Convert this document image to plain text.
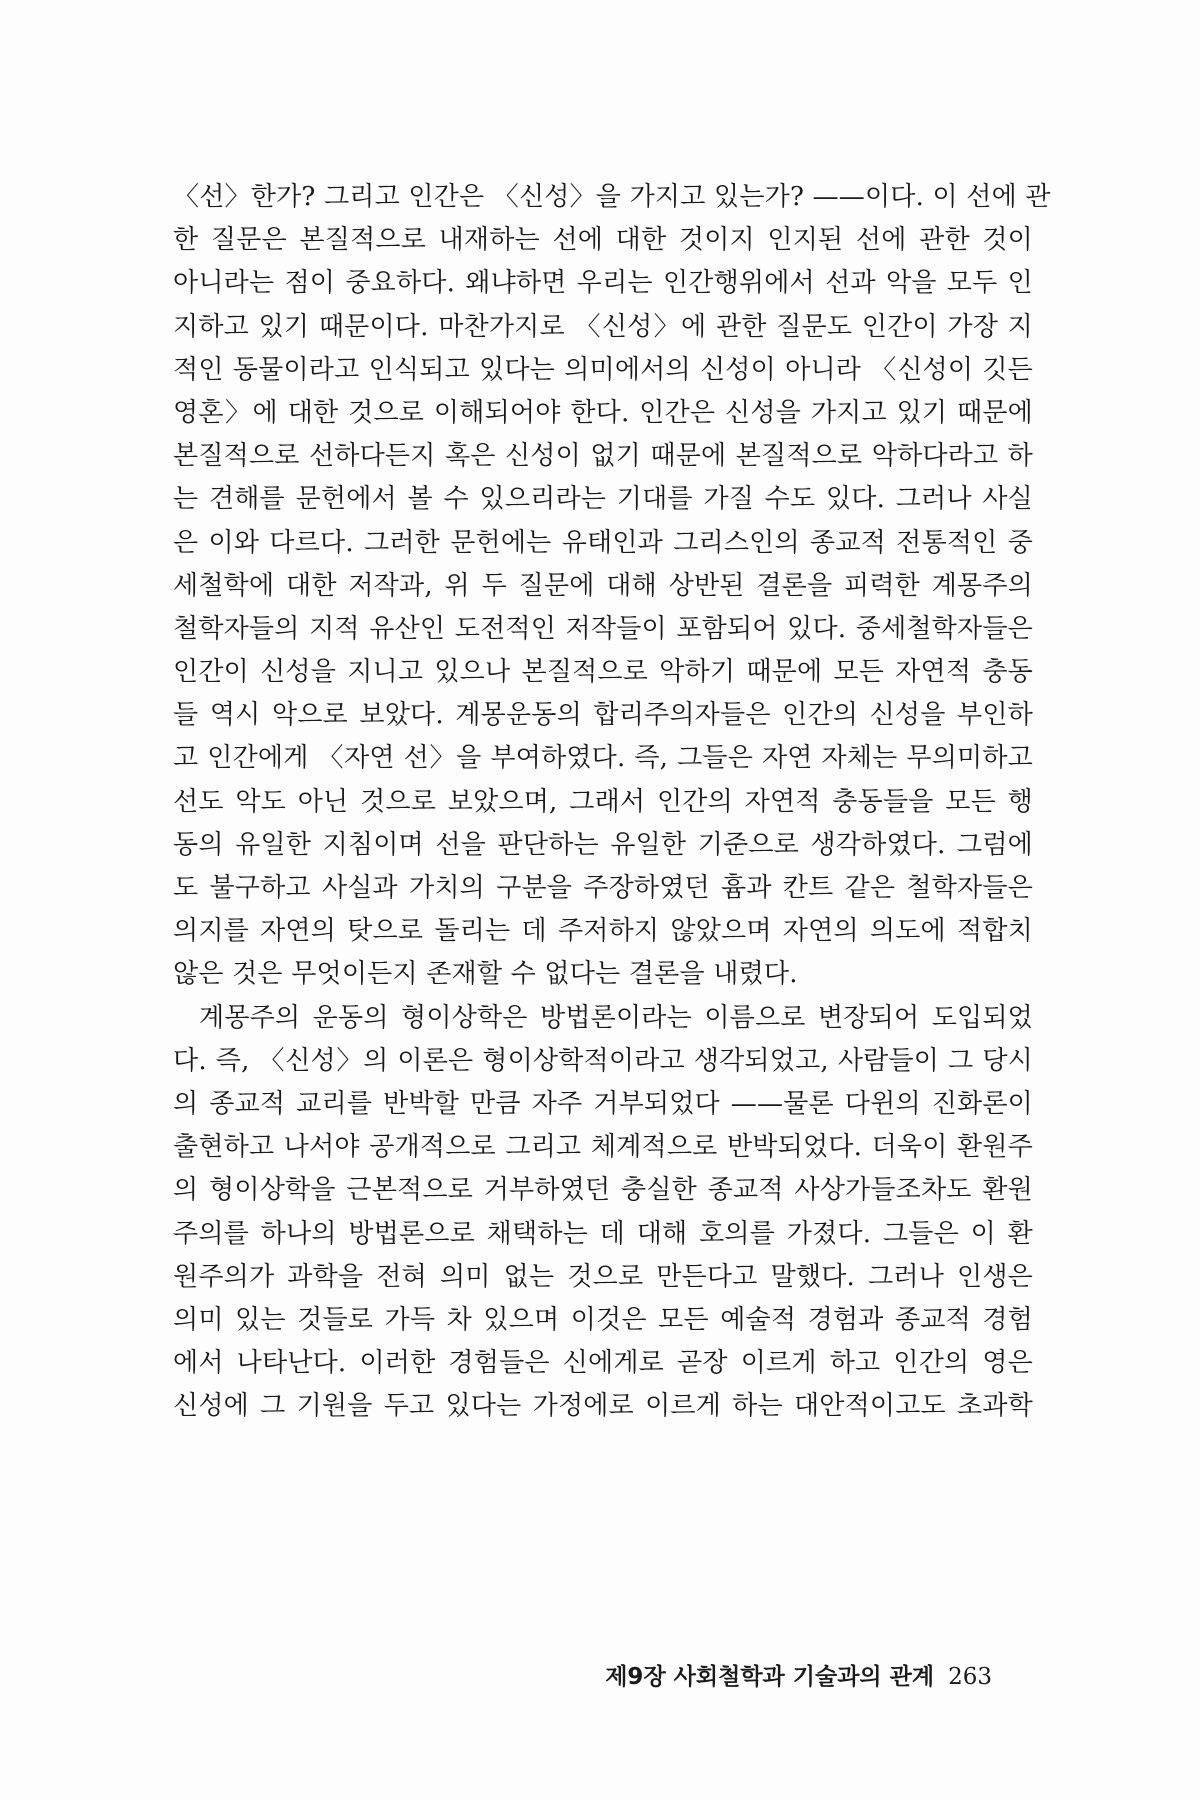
〈선〉한가? 그리고 인간은 〈신성〉을 가지고 있는가? ——이다. 이 선에 관
한 질문은 본질적으로 내재하는 선에 대한 것이지 인지된 선에 관한 것이
아니라는 점이 중요하다. 왜냐하면 우리는 인간행위에서 선과 악을 모두 인
지하고 있기 때문이다. 마찬가지로 〈신성〉에 관한 질문도 인간이 가장 지
적인 동물이라고 인식되고 있다는 의미에서의 신성이 아니라 〈신성이 깃든
영혼〉에 대한 것으로 이해되어야 한다. 인간은 신성을 가지고 있기 때문에
본질적으로 선하다든지 혹은 신성이 없기 때문에 본질적으로 악하다라고 하
는 견해를 문헌에서 볼 수 있으리라는 기대를 가질 수도 있다. 그러나 사실
은 이와 다르다. 그러한 문헌에는 유태인과 그리스인의 종교적 전통적인 중
세철학에 대한 저작과, 위 두 질문에 대해 상반된 결론을 피력한 계몽주의
철학자들의 지적 유산인 도전적인 저작들이 포함되어 있다. 중세철학자들은
인간이 신성을 지니고 있으나 본질적으로 악하기 때문에 모든 자연적 충동
들 역시 악으로 보았다. 계몽운동의 합리주의자들은 인간의 신성을 부인하
고 인간에게 〈자연 선〉을 부여하였다. 즉, 그들은 자연 자체는 무의미하고
선도 악도 아닌 것으로 보았으며, 그래서 인간의 자연적 충동들을 모든 행
동의 유일한 지침이며 선을 판단하는 유일한 기준으로 생각하였다. 그럼에
도 불구하고 사실과 가치의 구분을 주장하였던 흄과 칸트 같은 철학자들은
의지를 자연의 탓으로 돌리는 데 주저하지 않았으며 자연의 의도에 적합치
않은 것은 무엇이든지 존재할 수 없다는 결론을 내렸다.
계몽주의 운동의 형이상학은 방법론이라는 이름으로 변장되어 도입되었
다. 즉, 〈신성〉의 이론은 형이상학적이라고 생각되었고, 사람들이 그 당시
의 종교적 교리를 반박할 만큼 자주 거부되었다 ——물론 다윈의 진화론이
출현하고 나서야 공개적으로 그리고 체계적으로 반박되었다. 더욱이 환원주
의 형이상학을 근본적으로 거부하였던 충실한 종교적 사상가들조차도 환원
주의를 하나의 방법론으로 채택하는 데 대해 호의를 가졌다. 그들은 이 환
원주의가 과학을 전혀 의미 없는 것으로 만든다고 말했다. 그러나 인생은
의미 있는 것들로 가득 차 있으며 이것은 모든 예술적 경험과 종교적 경험
에서 나타난다. 이러한 경험들은 신에게로 곧장 이르게 하고 인간의 영은
신성에 그 기원을 두고 있다는 가정에로 이르게 하는 대안적이고도 초과학
제9장 사회철학과 기술과의 관계 263
